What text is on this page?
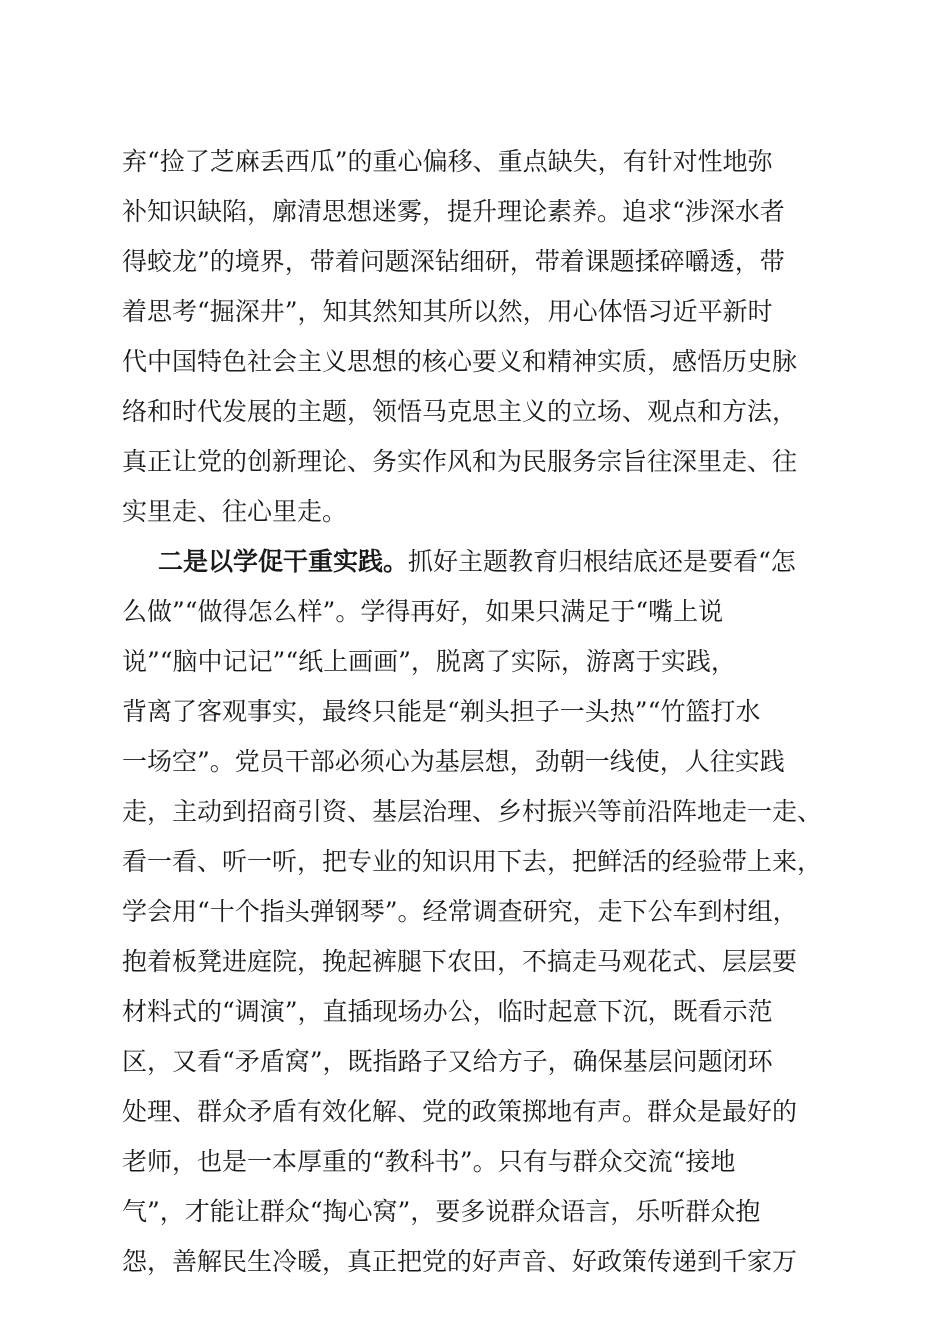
弃“捡了芝麻丢西瓜”的重心偏移、重点缺失，有针对性地弥
补知识缺陷，廓清思想迷雾，提升理论素养。追求“涉深水者
得蛟龙”的境界，带着问题深钻细研，带着课题揉碎嚼透，带
着思考“掘深井”，知其然知其所以然，用心体悟习近平新时
代中国特色社会主义思想的核心要义和精神实质，感悟历史脉
络和时代发展的主题，领悟马克思主义的立场、观点和方法，
真正让党的创新理论、务实作风和为民服务宗旨往深里走、往
实里走、往心里走。
二是以学促干重实践。抓好主题教育归根结底还是要看“怎
么做”“做得怎么样”。学得再好，如果只满足于“嘴上说
说”“脑中记记”“纸上画画”，脱离了实际，游离于实践，
背离了客观事实，最终只能是“剃头担子一头热”“竹篮打水
一场空”。党员干部必须心为基层想，劲朝一线使，人往实践
走，主动到招商引资、基层治理、乡村振兴等前沿阵地走一走、
看一看、听一听，把专业的知识用下去，把鲜活的经验带上来，
学会用“十个指头弹钢琴”。经常调查研究，走下公车到村组，
抱着板凳进庭院，挽起裤腿下农田，不搞走马观花式、层层要
材料式的“调演”，直插现场办公，临时起意下沉，既看示范
区，又看“矛盾窝”，既指路子又给方子，确保基层问题闭环
处理、群众矛盾有效化解、党的政策掷地有声。群众是最好的
老师，也是一本厚重的“教科书”。只有与群众交流“接地
气”，才能让群众“掏心窝”，要多说群众语言，乐听群众抱
怨，善解民生冷暖，真正把党的好声音、好政策传递到千家万
